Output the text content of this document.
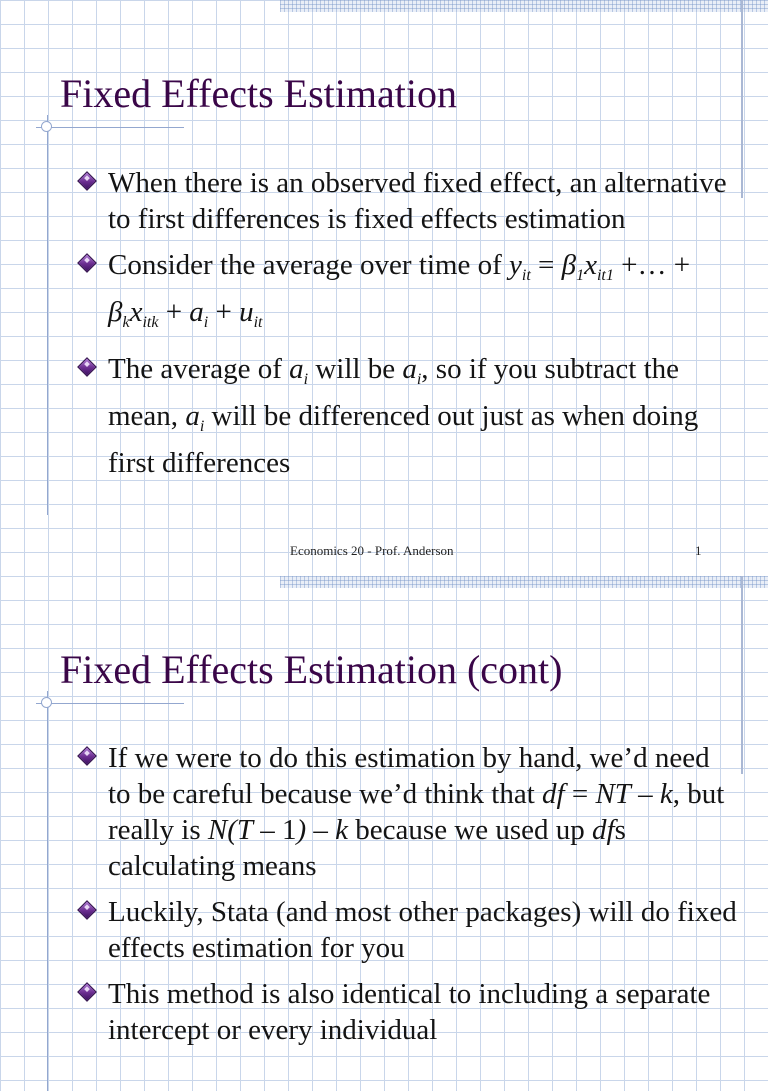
Fixed Effects Estimation
When there is an observed fixed effect, an alternative to first differences is fixed effects estimation
Consider the average over time of $y_{it} = \beta_1x_{it1}$ +… + $\beta_kx_{itk} + a_i + u_{it}$
The average of $a_i$ will be $a_i$, so if you subtract the mean, $a_i$ will be differenced out just as when doing first differences
Economics 20 - Prof. Anderson	1
Fixed Effects Estimation (cont)
If we were to do this estimation by hand, we’d need to be careful because we’d think that df = NT – k, but really is N(T – 1) – k because we used up dfs calculating means
Luckily, Stata (and most other packages) will do fixed effects estimation for you
This method is also identical to including a separate intercept or every individual
